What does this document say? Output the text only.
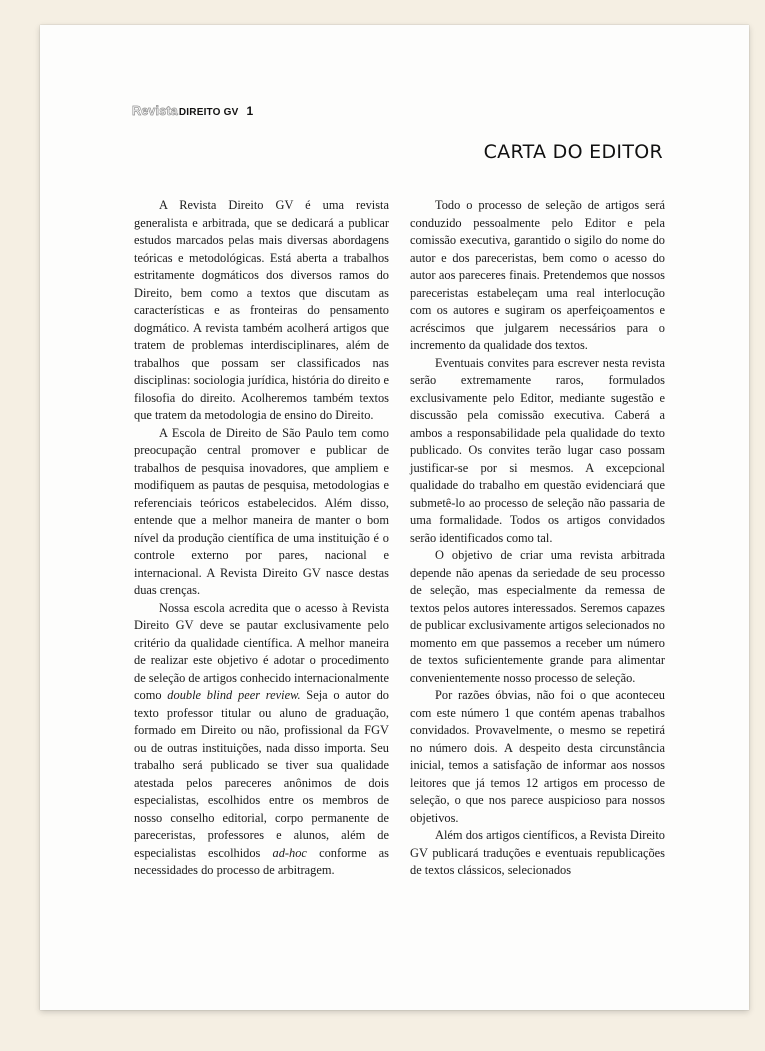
Revista DIREITO GV 1
CARTA DO EDITOR

A Revista Direito GV é uma revista generalista e arbitrada, que se dedicará a publicar estudos marcados pelas mais diversas abordagens teóricas e metodológicas. Está aberta a trabalhos estritamente dogmáticos dos diversos ramos do Direito, bem como a textos que discutam as características e as fronteiras do pensamento dogmático. A revista também acolherá artigos que tratem de problemas interdisciplinares, além de trabalhos que possam ser classificados nas disciplinas: sociologia jurídica, história do direito e filosofia do direito. Acolheremos também textos que tratem da metodologia de ensino do Direito.

A Escola de Direito de São Paulo tem como preocupação central promover e publicar de trabalhos de pesquisa inovadores, que ampliem e modifiquem as pautas de pesquisa, metodologias e referenciais teóricos estabelecidos. Além disso, entende que a melhor maneira de manter o bom nível da produção científica de uma instituição é o controle externo por pares, nacional e internacional. A Revista Direito GV nasce destas duas crenças.

Nossa escola acredita que o acesso à Revista Direito GV deve se pautar exclusivamente pelo critério da qualidade científica. A melhor maneira de realizar este objetivo é adotar o procedimento de seleção de artigos conhecido internacionalmente como double blind peer review. Seja o autor do texto professor titular ou aluno de graduação, formado em Direito ou não, profissional da FGV ou de outras instituições, nada disso importa. Seu trabalho será publicado se tiver sua qualidade atestada pelos pareceres anônimos de dois especialistas, escolhidos entre os membros de nosso conselho editorial, corpo permanente de pareceristas, professores e alunos, além de especialistas escolhidos ad-hoc conforme as necessidades do processo de arbitragem.

Todo o processo de seleção de artigos será conduzido pessoalmente pelo Editor e pela comissão executiva, garantido o sigilo do nome do autor e dos pareceristas, bem como o acesso do autor aos pareceres finais. Pretendemos que nossos pareceristas estabeleçam uma real interlocução com os autores e sugiram os aperfeiçoamentos e acréscimos que julgarem necessários para o incremento da qualidade dos textos.

Eventuais convites para escrever nesta revista serão extremamente raros, formulados exclusivamente pelo Editor, mediante sugestão e discussão pela comissão executiva. Caberá a ambos a responsabilidade pela qualidade do texto publicado. Os convites terão lugar caso possam justificar-se por si mesmos. A excepcional qualidade do trabalho em questão evidenciará que submetê-lo ao processo de seleção não passaria de uma formalidade. Todos os artigos convidados serão identificados como tal.

O objetivo de criar uma revista arbitrada depende não apenas da seriedade de seu processo de seleção, mas especialmente da remessa de textos pelos autores interessados. Seremos capazes de publicar exclusivamente artigos selecionados no momento em que passemos a receber um número de textos suficientemente grande para alimentar convenientemente nosso processo de seleção.

Por razões óbvias, não foi o que aconteceu com este número 1 que contém apenas trabalhos convidados. Provavelmente, o mesmo se repetirá no número dois. A despeito desta circunstância inicial, temos a satisfação de informar aos nossos leitores que já temos 12 artigos em processo de seleção, o que nos parece auspicioso para nossos objetivos.

Além dos artigos científicos, a Revista Direito GV publicará traduções e eventuais republicações de textos clássicos, selecionados
